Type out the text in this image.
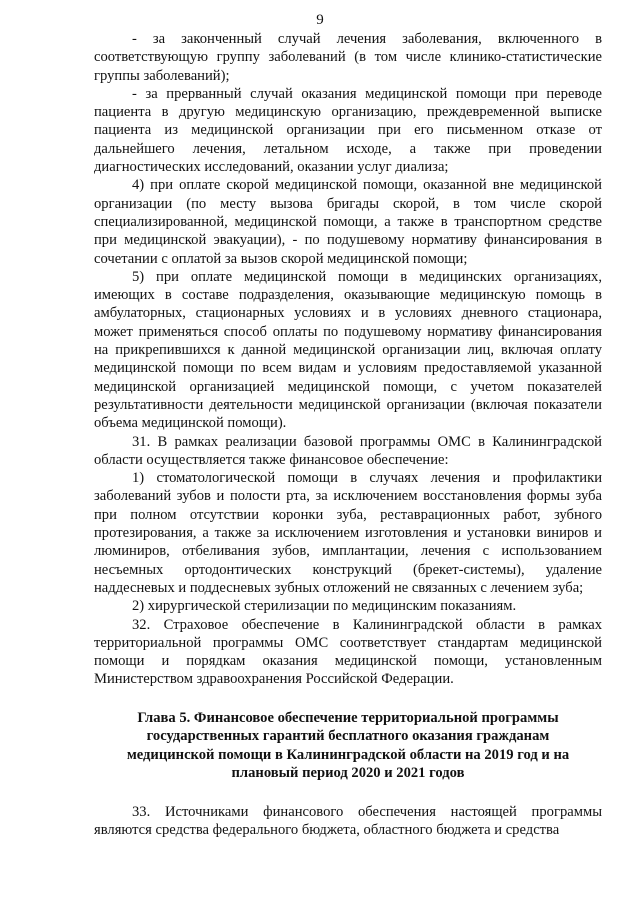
9

- за законченный случай лечения заболевания, включенного в соответствующую группу заболеваний (в том числе клинико-статистические группы заболеваний);

- за прерванный случай оказания медицинской помощи при переводе пациента в другую медицинскую организацию, преждевременной выписке пациента из медицинской организации при его письменном отказе от дальнейшего лечения, летальном исходе, а также при проведении диагностических исследований, оказании услуг диализа;

4) при оплате скорой медицинской помощи, оказанной вне медицинской организации (по месту вызова бригады скорой, в том числе скорой специализированной, медицинской помощи, а также в транспортном средстве при медицинской эвакуации), - по подушевому нормативу финансирования в сочетании с оплатой за вызов скорой медицинской помощи;

5) при оплате медицинской помощи в медицинских организациях, имеющих в составе подразделения, оказывающие медицинскую помощь в амбулаторных, стационарных условиях и в условиях дневного стационара, может применяться способ оплаты по подушевому нормативу финансирования на прикрепившихся к данной медицинской организации лиц, включая оплату медицинской помощи по всем видам и условиям предоставляемой указанной медицинской организацией медицинской помощи, с учетом показателей результативности деятельности медицинской организации (включая показатели объема медицинской помощи).

31. В рамках реализации базовой программы ОМС в Калининградской области осуществляется также финансовое обеспечение:

1) стоматологической помощи в случаях лечения и профилактики заболеваний зубов и полости рта, за исключением восстановления формы зуба при полном отсутствии коронки зуба, реставрационных работ, зубного протезирования, а также за исключением изготовления и установки виниров и люминиров, отбеливания зубов, имплантации, лечения с использованием несъемных ортодонтических конструкций (брекет-системы), удаление наддесневых и поддесневых зубных отложений не связанных с лечением зуба;

2) хирургической стерилизации по медицинским показаниям.

32. Страховое обеспечение в Калининградской области в рамках территориальной программы ОМС соответствует стандартам медицинской помощи и порядкам оказания медицинской помощи, установленным Министерством здравоохранения Российской Федерации.

Глава 5. Финансовое обеспечение территориальной программы государственных гарантий бесплатного оказания гражданам медицинской помощи в Калининградской области на 2019 год и на плановый период 2020 и 2021 годов

33. Источниками финансового обеспечения настоящей программы являются средства федерального бюджета, областного бюджета и средства
